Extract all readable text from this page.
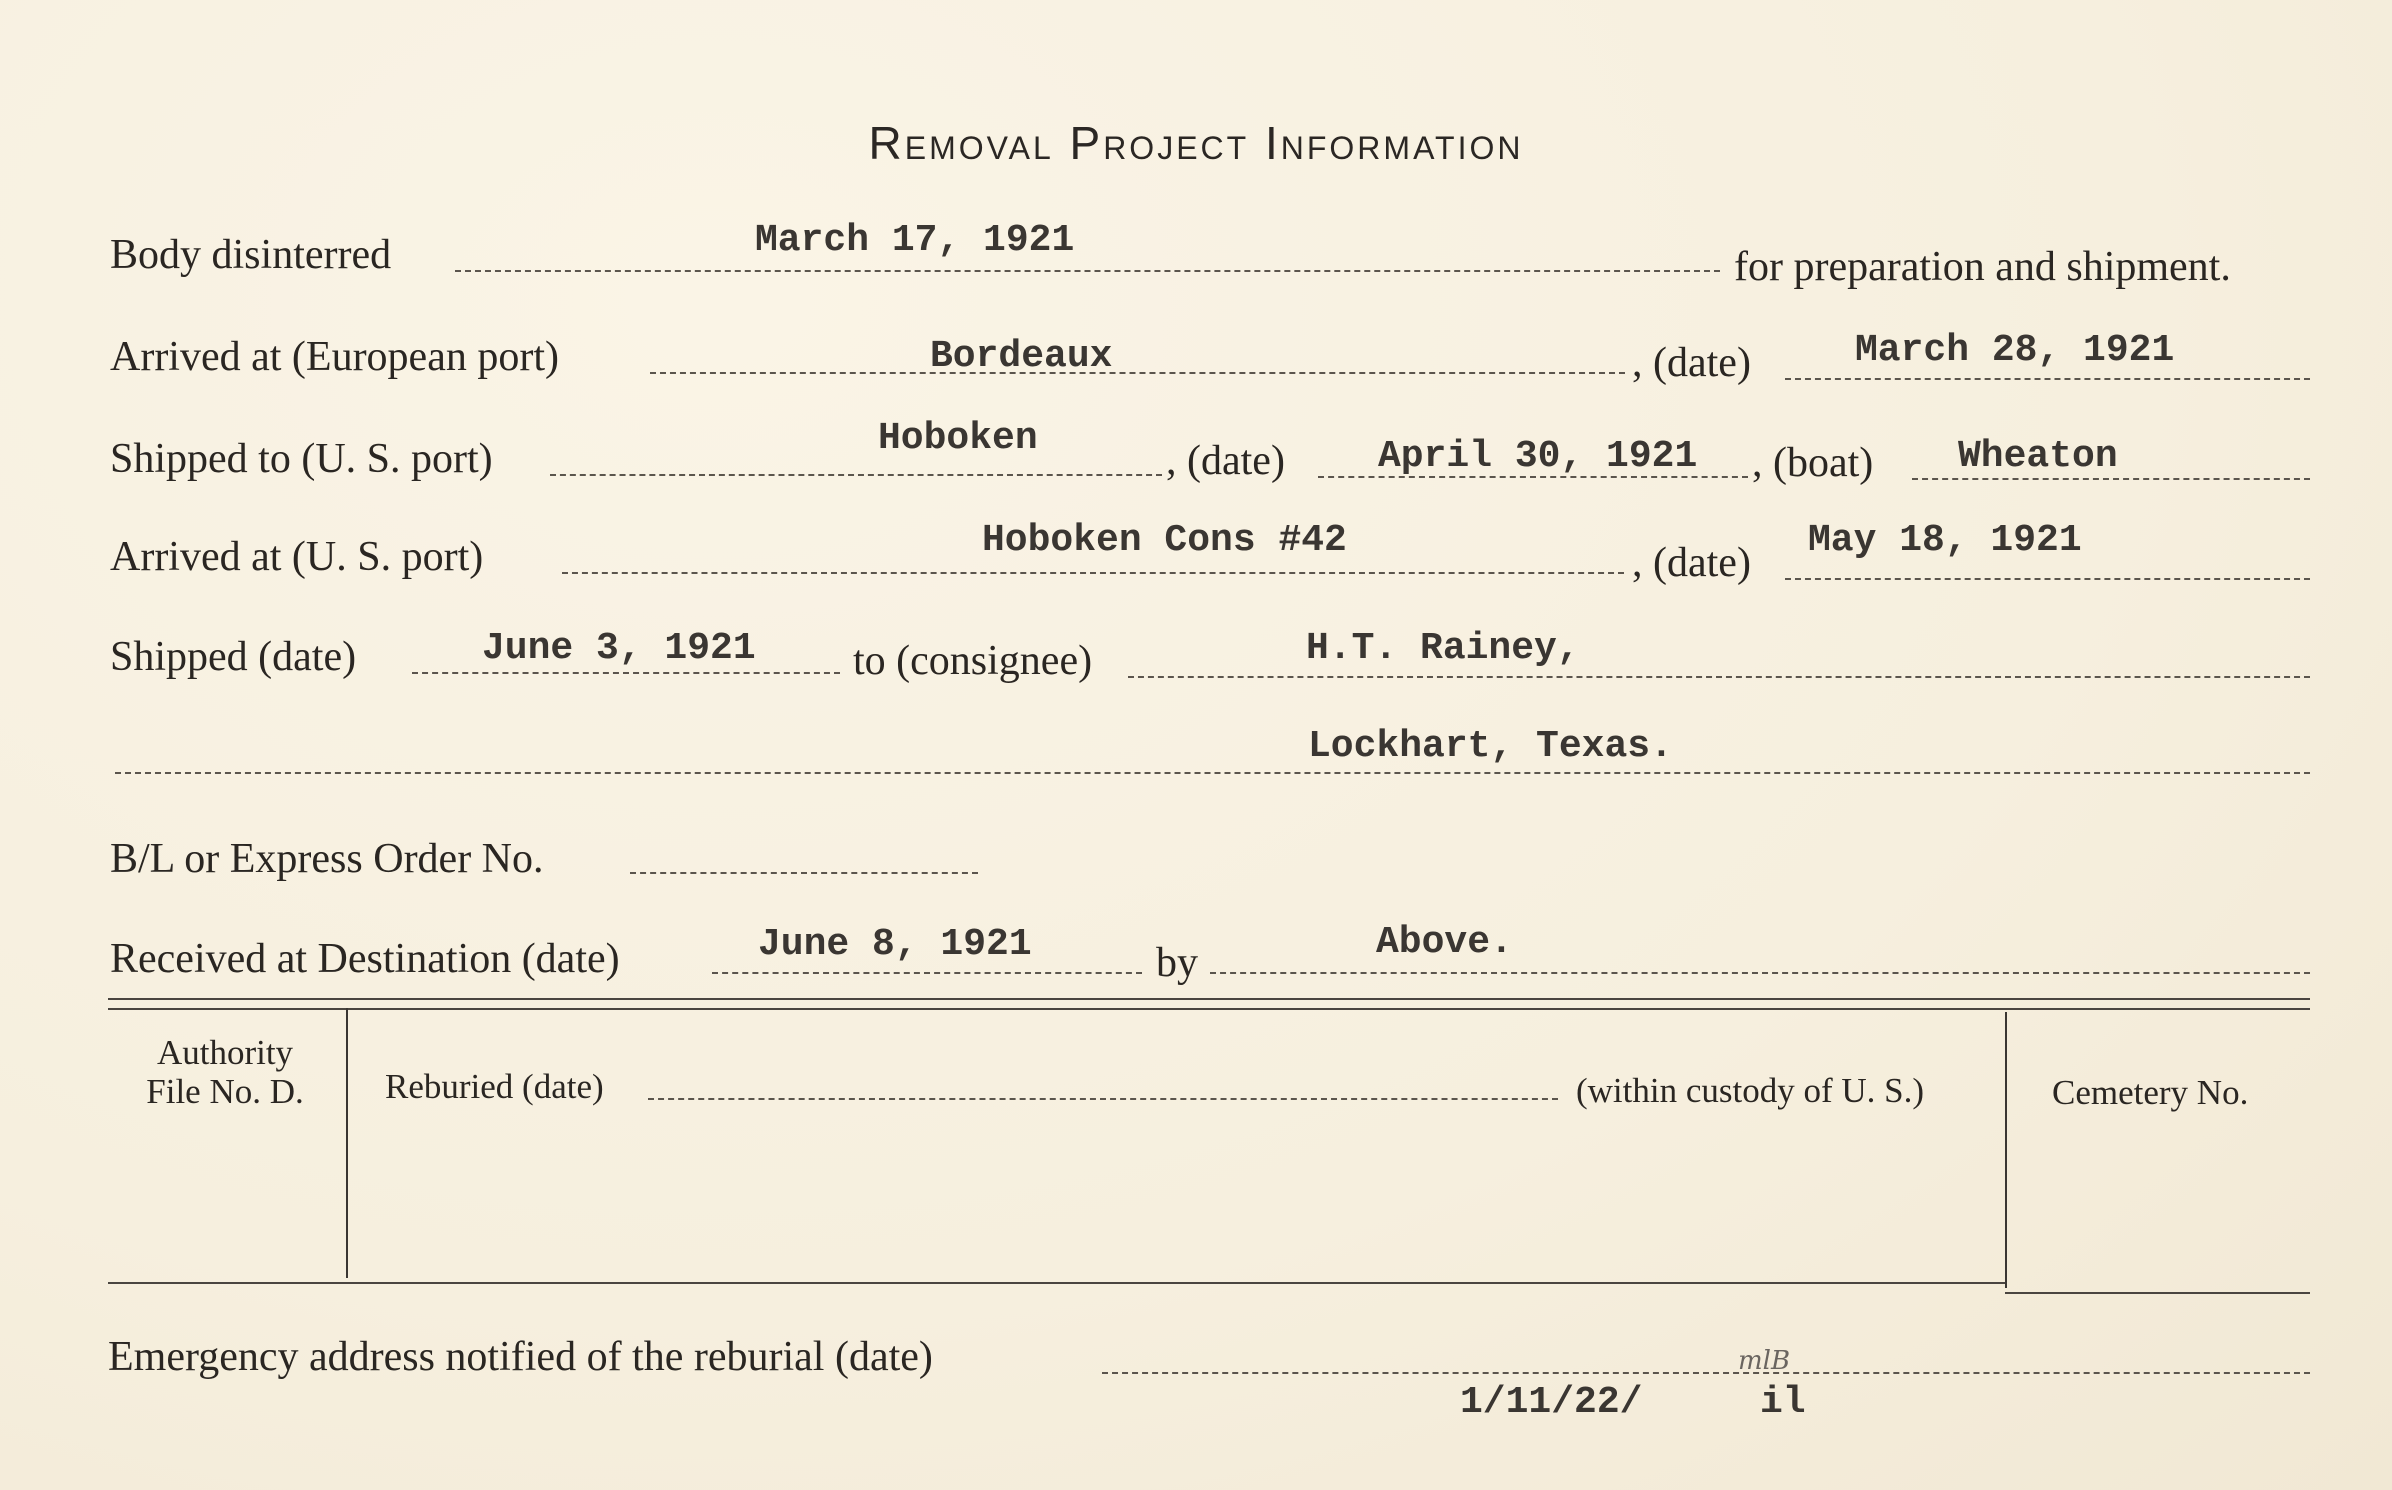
Removal Project Information
Body disinterred	March 17, 1921
for preparation and shipment.
Arrived at (European port)	Bordeaux	, (date)	March 28, 1921
Shipped to (U. S. port)	Hoboken	, (date) April 30, 1921 , (boat) Wheaton
Arrived at (U. S. port)	Hoboken Cons #42	, (date) May 18, 1921
Shipped (date)	June 3, 1921 to (consignee)	H.T. Rainey,
Lockhart, Texas.
B/L or Express Order No.
Received at Destination (date)	June 8, 1921	by	Above.
Authority
File No. D.	Reburied (date)	(within custody of U. S.)	Cemetery No.
Emergency address notified of the reburial (date)
1/11/22/	il
mlB
